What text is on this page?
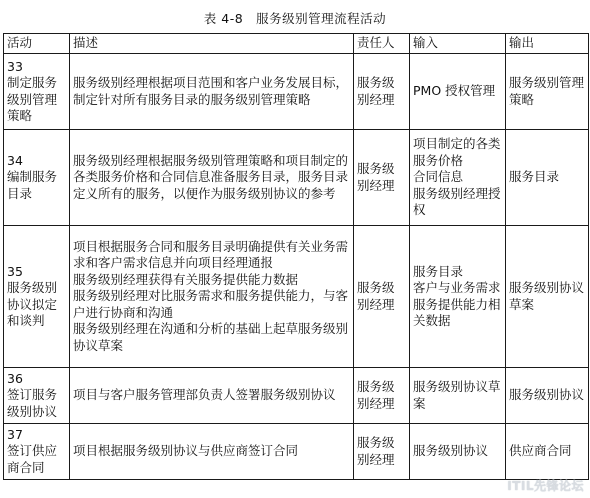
表 4-8　服务级别管理流程活动
活动	描述	责任人	输入	输出

33
制定服务级别管理策略	服务级别经理根据项目范围和客户业务发展目标，制定针对所有服务目录的服务级别管理策略	服务级别经理	PMO 授权管理	服务级别管理策略

34
编制服务目录	服务级别经理根据服务级别管理策略和项目制定的各类服务价格和合同信息准备服务目录，服务目录定义所有的服务，以便作为服务级别协议的参考	服务级别经理	项目制定的各类服务价格
合同信息
服务级别经理授权	服务目录

35
服务级别协议拟定和谈判	项目根据服务合同和服务目录明确提供有关业务需求和客户需求信息并向项目经理通报
服务级别经理获得有关服务提供能力数据
服务级别经理对比服务需求和服务提供能力，与客户进行协商和沟通
服务级别经理在沟通和分析的基础上起草服务级别协议草案	服务级别经理	服务目录
客户与业务需求
服务提供能力相关数据	服务级别协议草案

36
签订服务级别协议	项目与客户服务管理部负责人签署服务级别协议	服务级别经理	服务级别协议草案	服务级别协议

37
签订供应商合同	项目根据服务级别协议与供应商签订合同	服务级别经理	服务级别协议	供应商合同
ITIL先锋论坛
